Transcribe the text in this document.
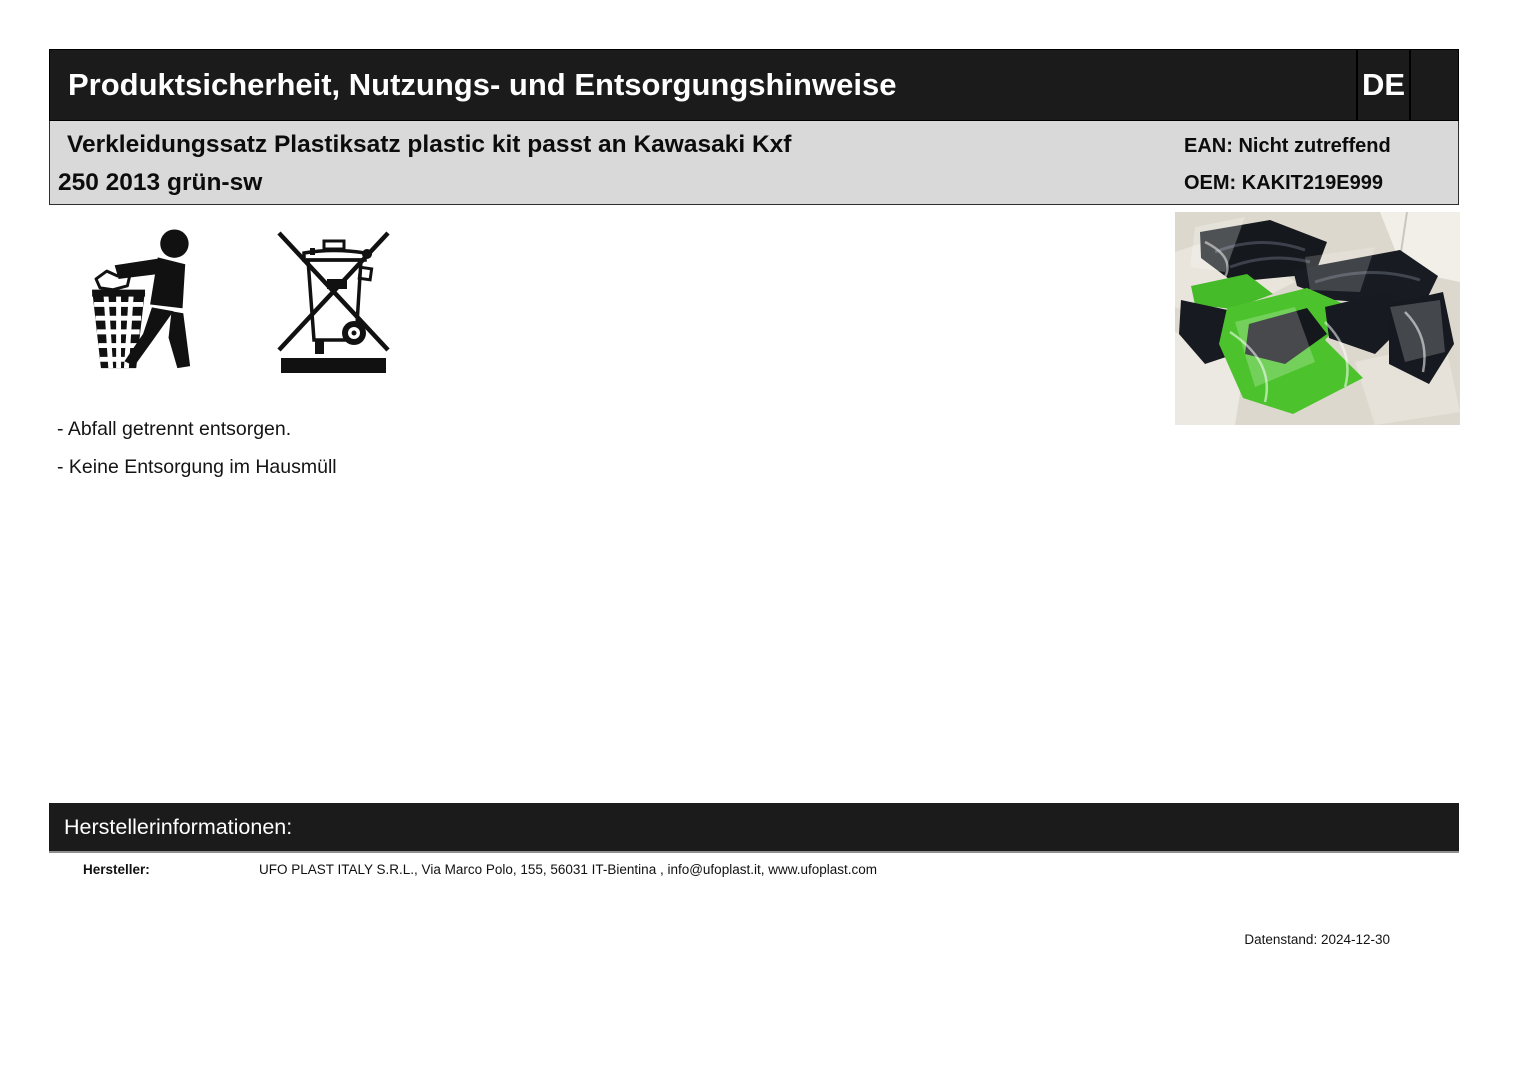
Produktsicherheit, Nutzungs- und Entsorgungshinweise	DE
Verkleidungssatz Plastiksatz plastic kit passt an Kawasaki Kxf
250 2013 grün-sw
EAN: Nicht zutreffend
OEM: KAKIT219E999
- Abfall getrennt entsorgen.
- Keine Entsorgung im Hausmüll
Herstellerinformationen:
Hersteller:	UFO PLAST ITALY S.R.L., Via Marco Polo, 155, 56031 IT-Bientina , info@ufoplast.it, www.ufoplast.com
Datenstand: 2024-12-30
